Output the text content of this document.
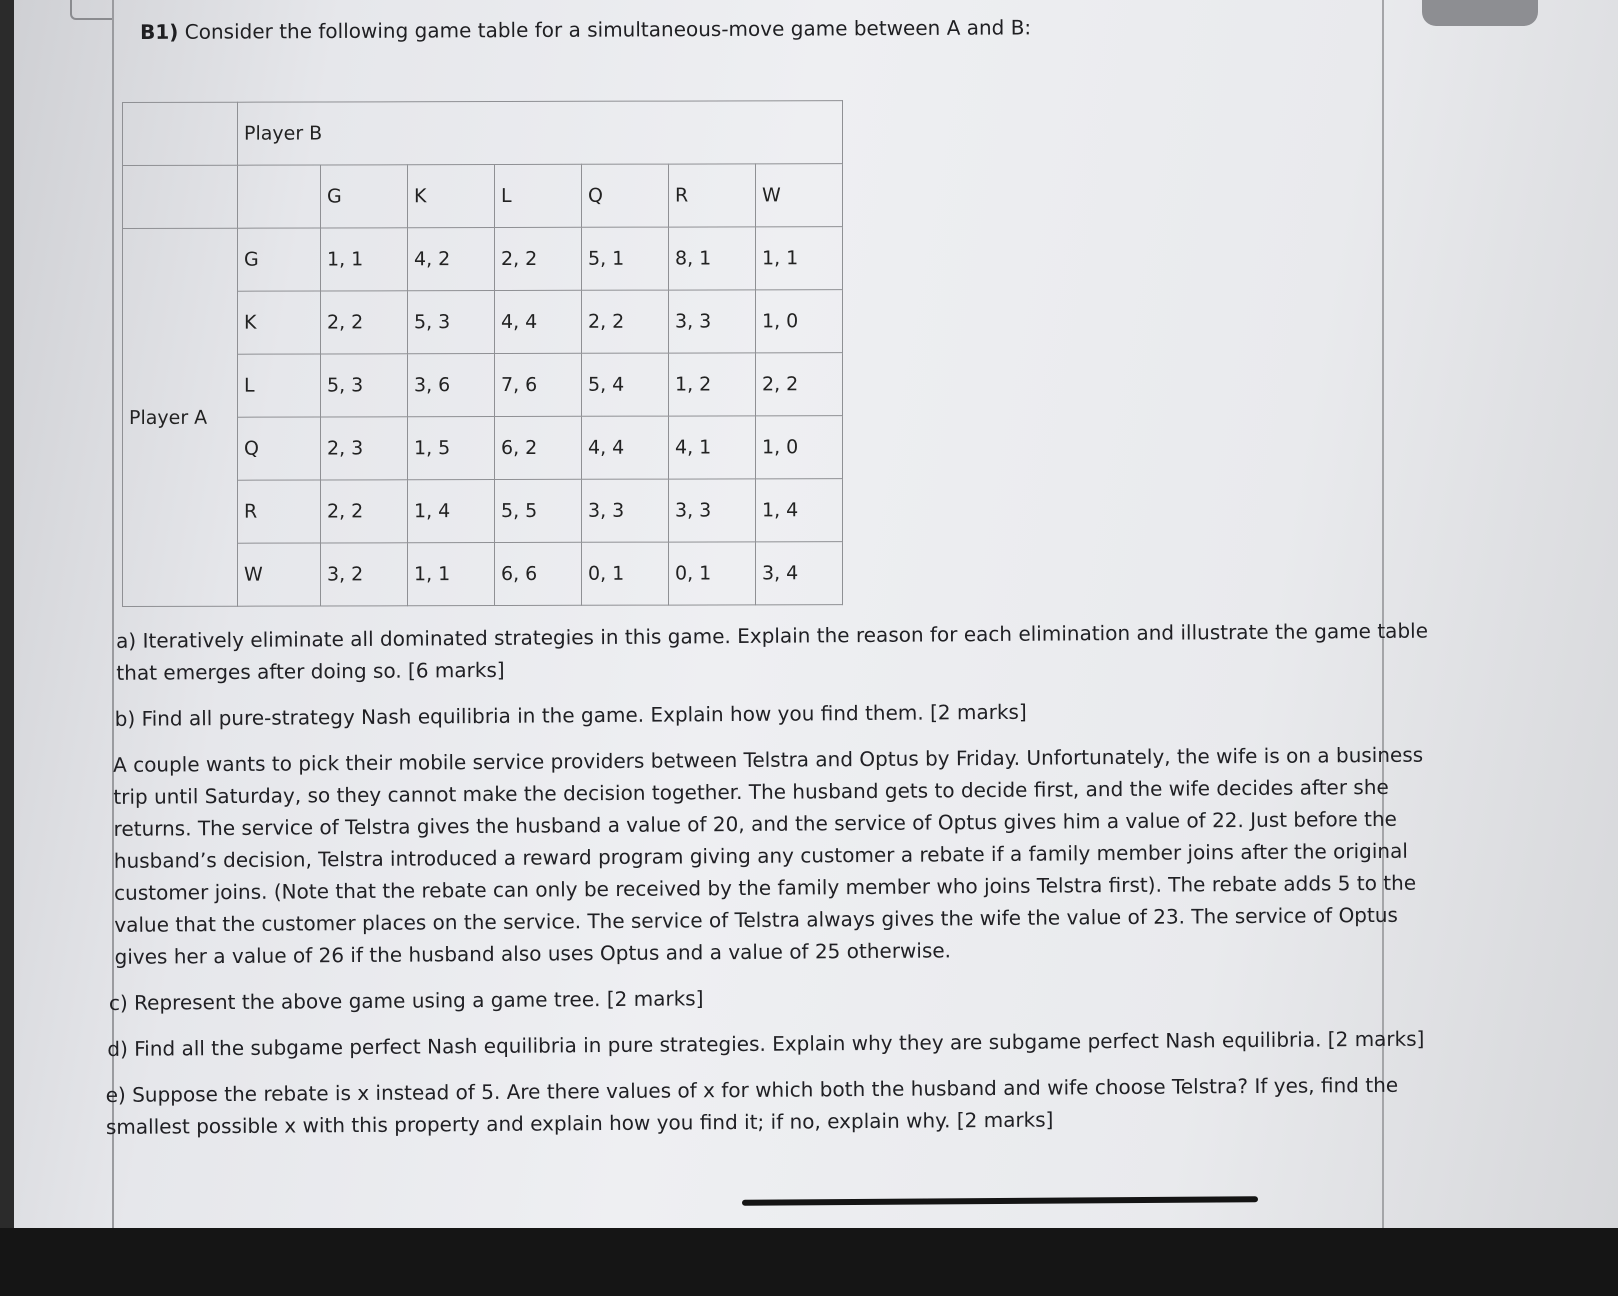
B1) Consider the following game table for a simultaneous-move game between A and B:
	Player B						
		G	K	L	Q	R	W
Player A	G	1, 1	4, 2	2, 2	5, 1	8, 1	1, 1
	K	2, 2	5, 3	4, 4	2, 2	3, 3	1, 0
	L	5, 3	3, 6	7, 6	5, 4	1, 2	2, 2
	Q	2, 3	1, 5	6, 2	4, 4	4, 1	1, 0
	R	2, 2	1, 4	5, 5	3, 3	3, 3	1, 4
	W	3, 2	1, 1	6, 6	0, 1	0, 1	3, 4

a) Iteratively eliminate all dominated strategies in this game. Explain the reason for each elimination and illustrate the game table that emerges after doing so. [6 marks]

b) Find all pure-strategy Nash equilibria in the game. Explain how you find them. [2 marks]

A couple wants to pick their mobile service providers between Telstra and Optus by Friday. Unfortunately, the wife is on a business trip until Saturday, so they cannot make the decision together. The husband gets to decide first, and the wife decides after she returns. The service of Telstra gives the husband a value of 20, and the service of Optus gives him a value of 22. Just before the husband’s decision, Telstra introduced a reward program giving any customer a rebate if a family member joins after the original customer joins. (Note that the rebate can only be received by the family member who joins Telstra first). The rebate adds 5 to the value that the customer places on the service. The service of Telstra always gives the wife the value of 23. The service of Optus gives her a value of 26 if the husband also uses Optus and a value of 25 otherwise.

c) Represent the above game using a game tree. [2 marks]

d) Find all the subgame perfect Nash equilibria in pure strategies. Explain why they are subgame perfect Nash equilibria. [2 marks]

e) Suppose the rebate is x instead of 5. Are there values of x for which both the husband and wife choose Telstra? If yes, find the smallest possible x with this property and explain how you find it; if no, explain why. [2 marks]
